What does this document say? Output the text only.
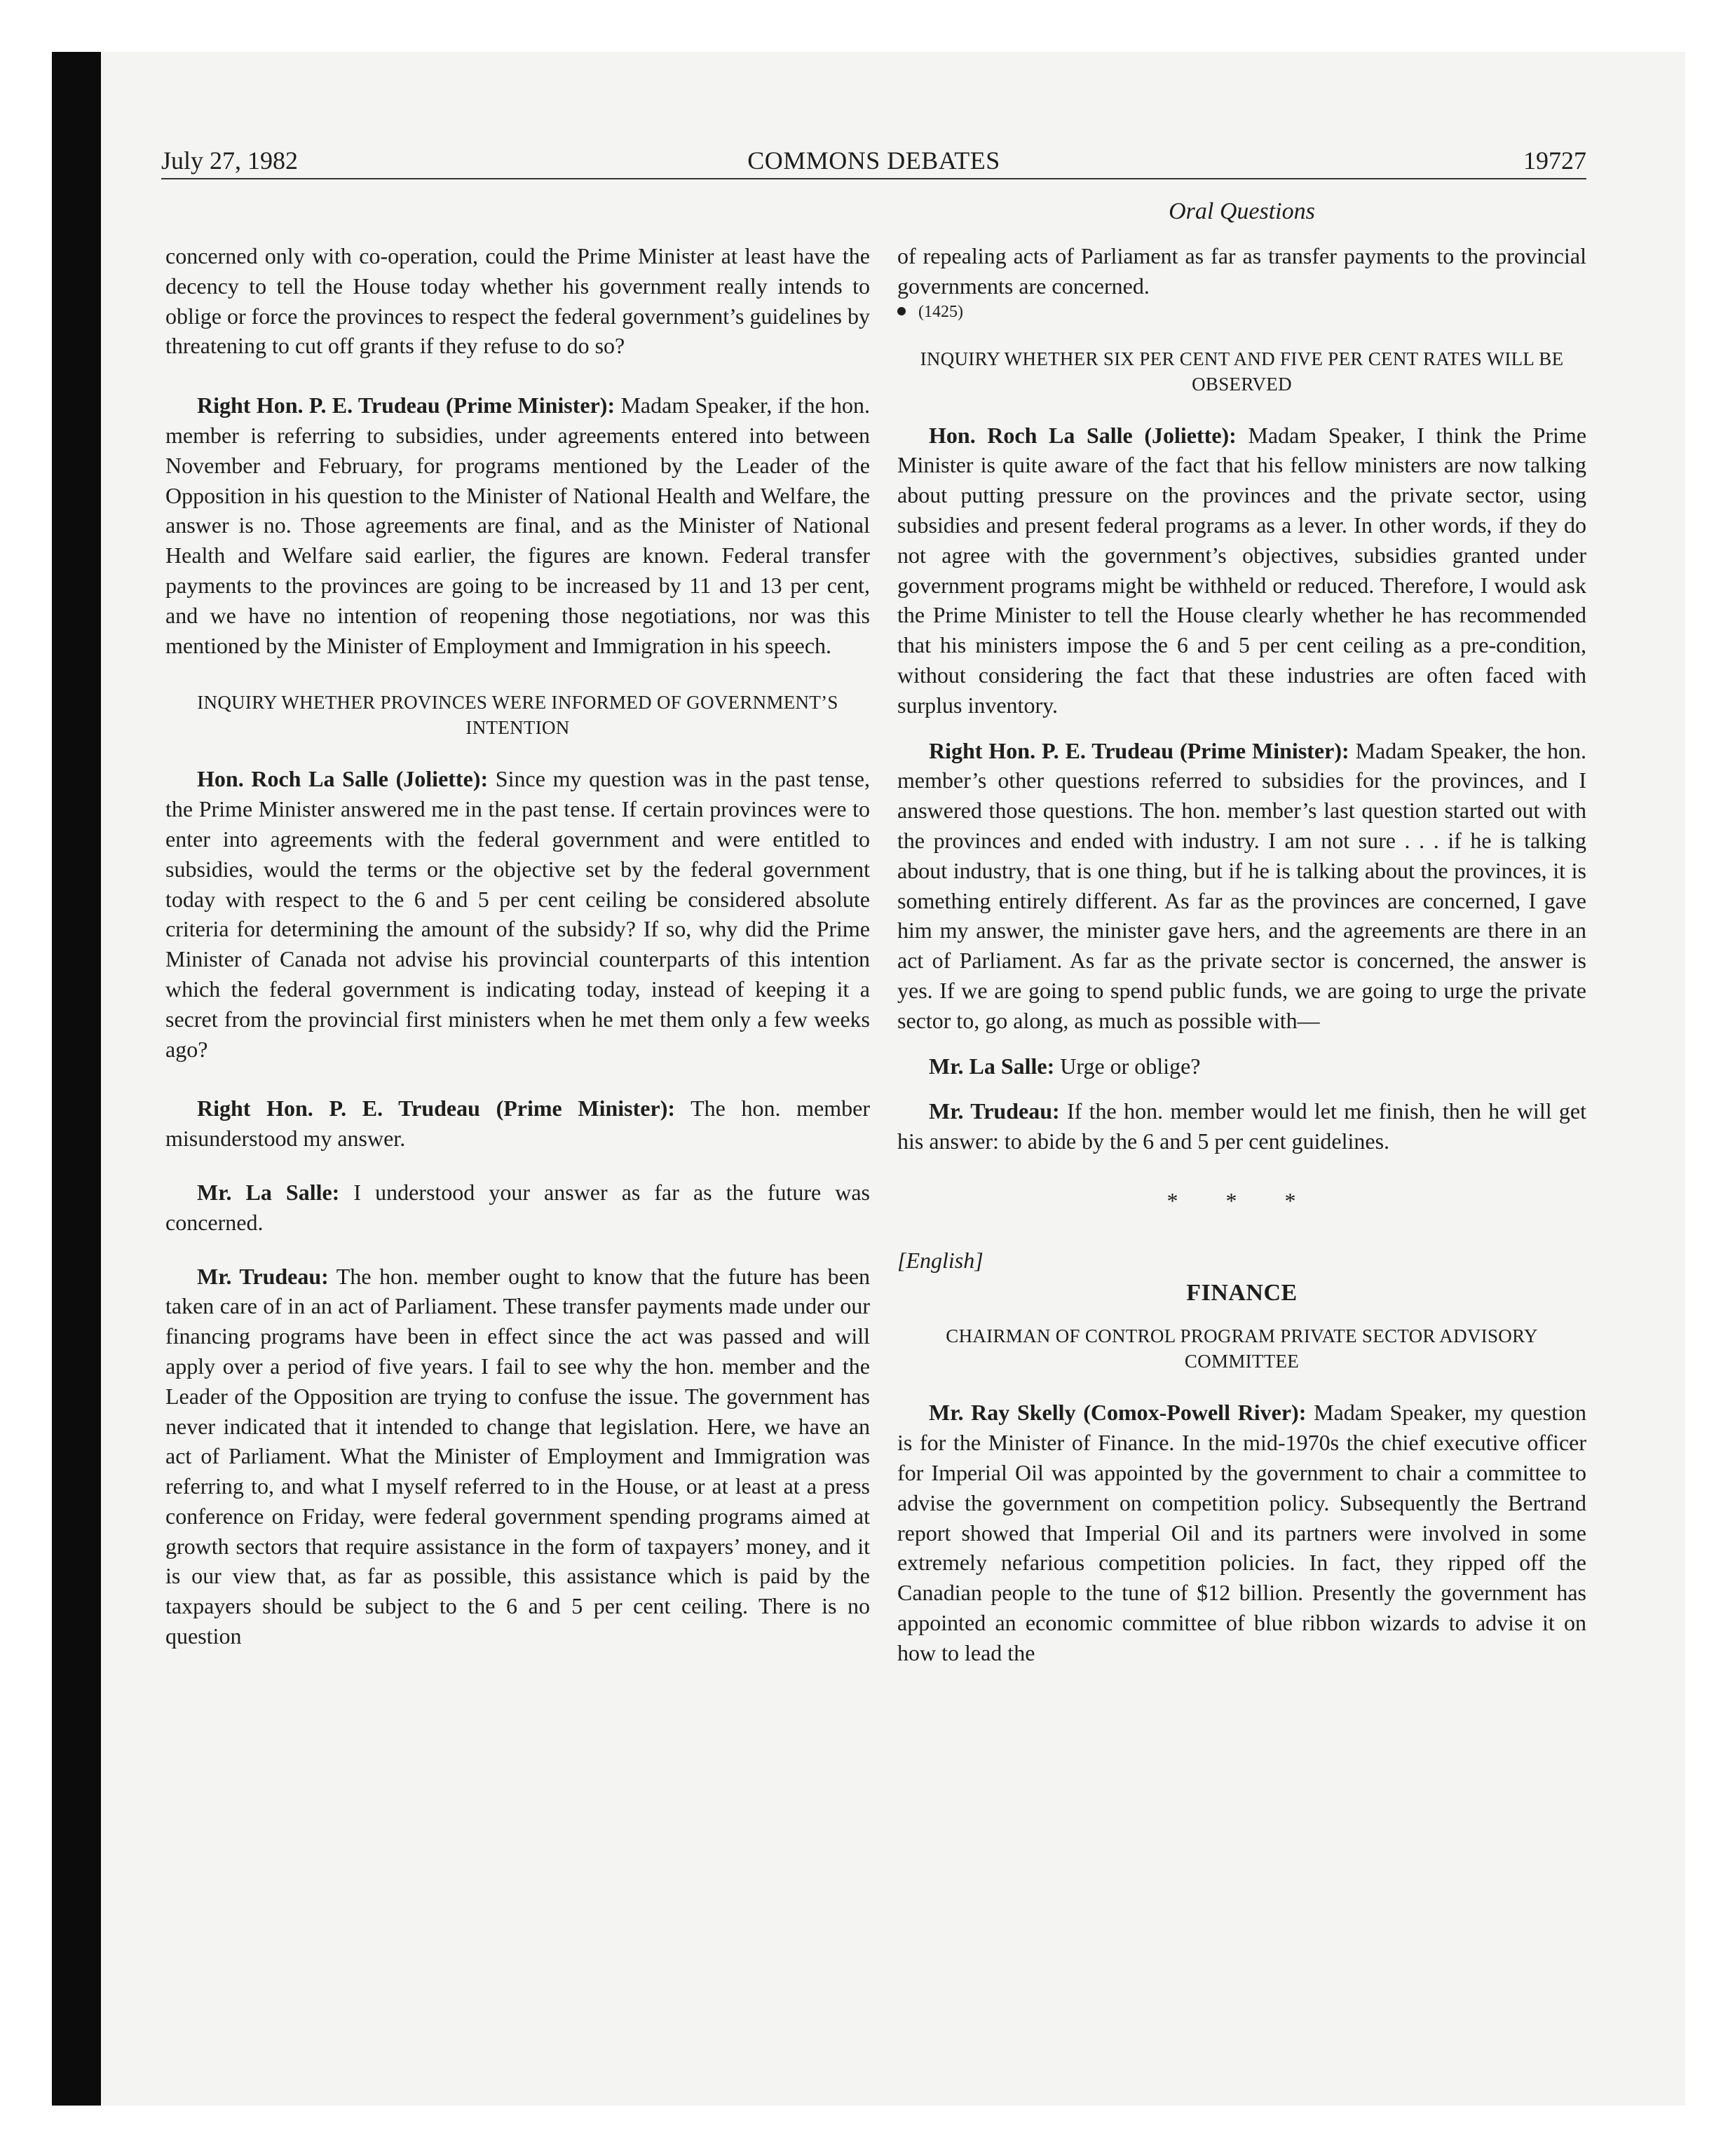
July 27, 1982	COMMONS DEBATES	19727
Oral Questions

concerned only with co-operation, could the Prime Minister at least have the decency to tell the House today whether his government really intends to oblige or force the provinces to respect the federal government’s guidelines by threatening to cut off grants if they refuse to do so?

Right Hon. P. E. Trudeau (Prime Minister): Madam Speaker, if the hon. member is referring to subsidies, under agreements entered into between November and February, for programs mentioned by the Leader of the Opposition in his question to the Minister of National Health and Welfare, the answer is no. Those agreements are final, and as the Minister of National Health and Welfare said earlier, the figures are known. Federal transfer payments to the provinces are going to be increased by 11 and 13 per cent, and we have no intention of reopening those negotiations, nor was this mentioned by the Minister of Employment and Immigration in his speech.

INQUIRY WHETHER PROVINCES WERE INFORMED OF GOVERNMENT’S INTENTION

Hon. Roch La Salle (Joliette): Since my question was in the past tense, the Prime Minister answered me in the past tense. If certain provinces were to enter into agreements with the federal government and were entitled to subsidies, would the terms or the objective set by the federal government today with respect to the 6 and 5 per cent ceiling be considered absolute criteria for determining the amount of the subsidy? If so, why did the Prime Minister of Canada not advise his provincial counterparts of this intention which the federal government is indicating today, instead of keeping it a secret from the provincial first ministers when he met them only a few weeks ago?

Right Hon. P. E. Trudeau (Prime Minister): The hon. member misunderstood my answer.

Mr. La Salle: I understood your answer as far as the future was concerned.

Mr. Trudeau: The hon. member ought to know that the future has been taken care of in an act of Parliament. These transfer payments made under our financing programs have been in effect since the act was passed and will apply over a period of five years. I fail to see why the hon. member and the Leader of the Opposition are trying to confuse the issue. The government has never indicated that it intended to change that legislation. Here, we have an act of Parliament. What the Minister of Employment and Immigration was referring to, and what I myself referred to in the House, or at least at a press conference on Friday, were federal government spending programs aimed at growth sectors that require assistance in the form of taxpayers’ money, and it is our view that, as far as possible, this assistance which is paid by the taxpayers should be subject to the 6 and 5 per cent ceiling. There is no question

of repealing acts of Parliament as far as transfer payments to the provincial governments are concerned.

(1425)

INQUIRY WHETHER SIX PER CENT AND FIVE PER CENT RATES WILL BE OBSERVED

Hon. Roch La Salle (Joliette): Madam Speaker, I think the Prime Minister is quite aware of the fact that his fellow ministers are now talking about putting pressure on the provinces and the private sector, using subsidies and present federal programs as a lever. In other words, if they do not agree with the government’s objectives, subsidies granted under government programs might be withheld or reduced. Therefore, I would ask the Prime Minister to tell the House clearly whether he has recommended that his ministers impose the 6 and 5 per cent ceiling as a pre-condition, without considering the fact that these industries are often faced with surplus inventory.

Right Hon. P. E. Trudeau (Prime Minister): Madam Speaker, the hon. member’s other questions referred to subsidies for the provinces, and I answered those questions. The hon. member’s last question started out with the provinces and ended with industry. I am not sure . . . if he is talking about industry, that is one thing, but if he is talking about the provinces, it is something entirely different. As far as the provinces are concerned, I gave him my answer, the minister gave hers, and the agreements are there in an act of Parliament. As far as the private sector is concerned, the answer is yes. If we are going to spend public funds, we are going to urge the private sector to, go along, as much as possible with—

Mr. La Salle: Urge or oblige?

Mr. Trudeau: If the hon. member would let me finish, then he will get his answer: to abide by the 6 and 5 per cent guidelines.

* * *

[English]

FINANCE

CHAIRMAN OF CONTROL PROGRAM PRIVATE SECTOR ADVISORY COMMITTEE

Mr. Ray Skelly (Comox-Powell River): Madam Speaker, my question is for the Minister of Finance. In the mid-1970s the chief executive officer for Imperial Oil was appointed by the government to chair a committee to advise the government on competition policy. Subsequently the Bertrand report showed that Imperial Oil and its partners were involved in some extremely nefarious competition policies. In fact, they ripped off the Canadian people to the tune of $12 billion. Presently the government has appointed an economic committee of blue ribbon wizards to advise it on how to lead the
